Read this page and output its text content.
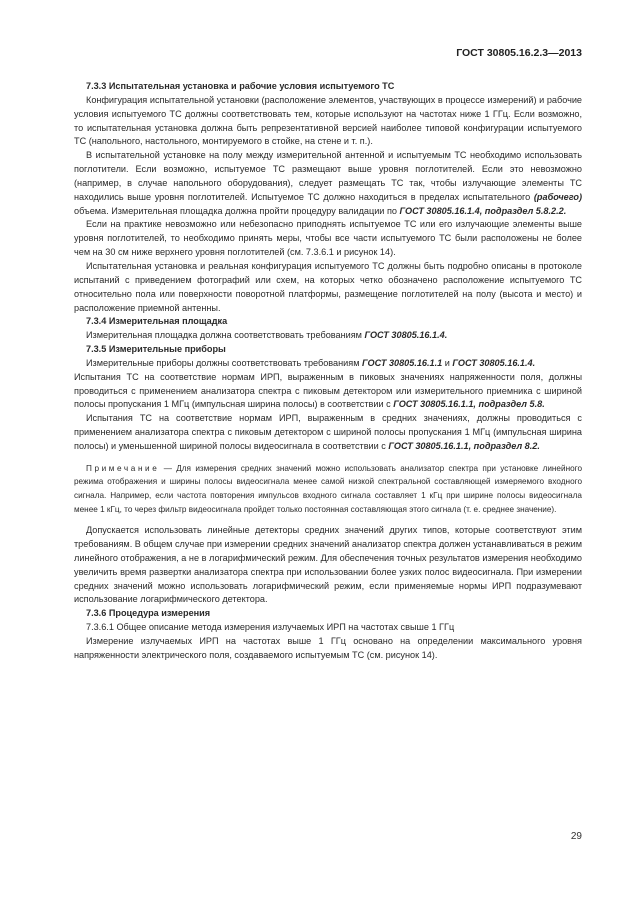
ГОСТ 30805.16.2.3—2013

7.3.3 Испытательная установка и рабочие условия испытуемого ТС

Конфигурация испытательной установки (расположение элементов, участвующих в процессе измерений) и рабочие условия испытуемого ТС должны соответствовать тем, которые используют на частотах ниже 1 ГГц. Если возможно, то испытательная установка должна быть репрезентативной версией наиболее типовой конфигурации испытуемого ТС (напольного, настольного, монтируемого в стойке, на стене и т. п.).

В испытательной установке на полу между измерительной антенной и испытуемым ТС необходимо использовать поглотители. Если возможно, испытуемое ТС размещают выше уровня поглотителей. Если это невозможно (например, в случае напольного оборудования), следует размещать ТС так, чтобы излучающие элементы ТС находились выше уровня поглотителей. Испытуемое ТС должно находиться в пределах испытательного (рабочего) объема. Измерительная площадка должна пройти процедуру валидации по ГОСТ 30805.16.1.4, подраздел 5.8.2.2.

Если на практике невозможно или небезопасно приподнять испытуемое ТС или его излучающие элементы выше уровня поглотителей, то необходимо принять меры, чтобы все части испытуемого ТС были расположены не более чем на 30 см ниже верхнего уровня поглотителей (см. 7.3.6.1 и рисунок 14).

Испытательная установка и реальная конфигурация испытуемого ТС должны быть подробно описаны в протоколе испытаний с приведением фотографий или схем, на которых четко обозначено расположение испытуемого ТС относительно пола или поверхности поворотной платформы, размещение поглотителей на полу (высота и место) и расположение приемной антенны.

7.3.4 Измерительная площадка

Измерительная площадка должна соответствовать требованиям ГОСТ 30805.16.1.4.

7.3.5 Измерительные приборы

Измерительные приборы должны соответствовать требованиям ГОСТ 30805.16.1.1 и ГОСТ 30805.16.1.4.

Испытания ТС на соответствие нормам ИРП, выраженным в пиковых значениях напряженности поля, должны проводиться с применением анализатора спектра с пиковым детектором или измерительного приемника с шириной полосы пропускания 1 МГц (импульсная ширина полосы) в соответствии с ГОСТ 30805.16.1.1, подраздел 5.8.

Испытания ТС на соответствие нормам ИРП, выраженным в средних значениях, должны проводиться с применением анализатора спектра с пиковым детектором с шириной полосы пропускания 1 МГц (импульсная ширина полосы) и уменьшенной шириной полосы видеосигнала в соответствии с ГОСТ 30805.16.1.1, подраздел 8.2.

Примечание — Для измерения средних значений можно использовать анализатор спектра при установке линейного режима отображения и ширины полосы видеосигнала менее самой низкой спектральной составляющей измеряемого входного сигнала. Например, если частота повторения импульсов входного сигнала составляет 1 кГц при ширине полосы видеосигнала менее 1 кГц, то через фильтр видеосигнала пройдет только постоянная составляющая этого сигнала (т. е. среднее значение).

Допускается использовать линейные детекторы средних значений других типов, которые соответствуют этим требованиям. В общем случае при измерении средних значений анализатор спектра должен устанавливаться в режим линейного отображения, а не в логарифмический режим. Для обеспечения точных результатов измерения необходимо увеличить время развертки анализатора спектра при использовании более узких полос видеосигнала. При измерении средних значений можно использовать логарифмический режим, если применяемые нормы ИРП подразумевают использование логарифмического детектора.

7.3.6 Процедура измерения

7.3.6.1 Общее описание метода измерения излучаемых ИРП на частотах свыше 1 ГГц

Измерение излучаемых ИРП на частотах выше 1 ГГц основано на определении максимального уровня напряженности электрического поля, создаваемого испытуемым ТС (см. рисунок 14).

29
